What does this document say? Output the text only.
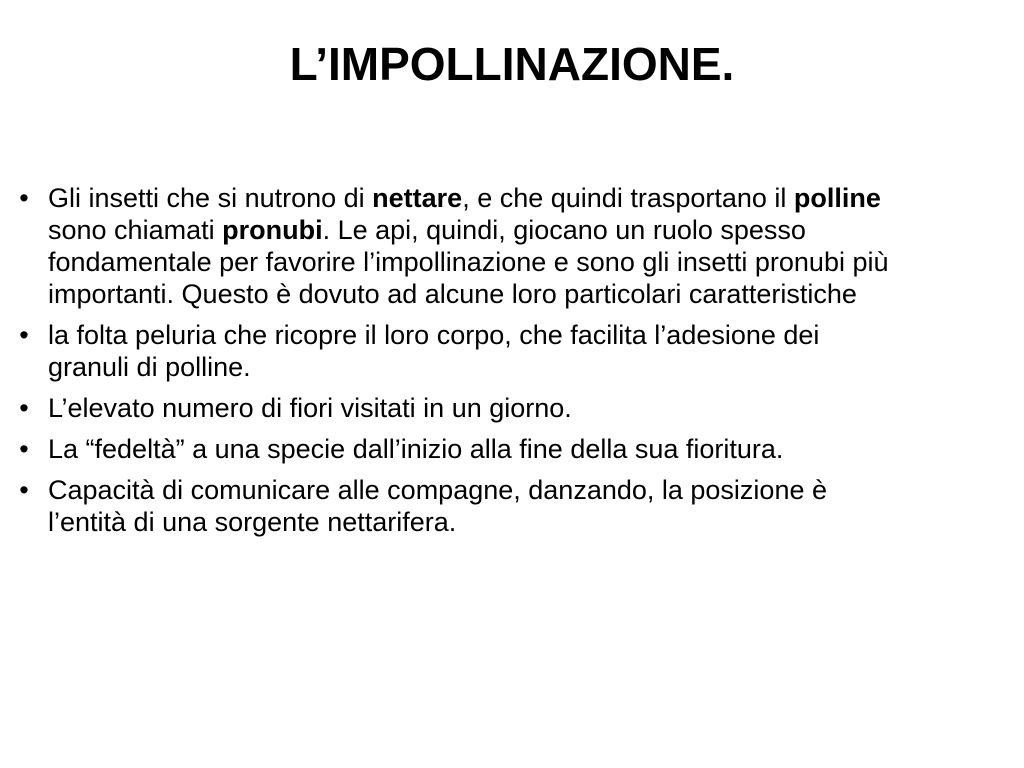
L’IMPOLLINAZIONE.
• Gli insetti che si nutrono di nettare, e che quindi trasportano il polline sono chiamati pronubi. Le api, quindi, giocano un ruolo spesso fondamentale per favorire l’impollinazione e sono gli insetti pronubi più importanti. Questo è dovuto ad alcune loro particolari caratteristiche
• la folta peluria che ricopre il loro corpo, che facilita l’adesione dei granuli di polline.
• L’elevato numero di fiori visitati in un giorno.
• La “fedeltà” a una specie dall’inizio alla fine della sua fioritura.
• Capacità di comunicare alle compagne, danzando, la posizione è l’entità di una sorgente nettarifera.
